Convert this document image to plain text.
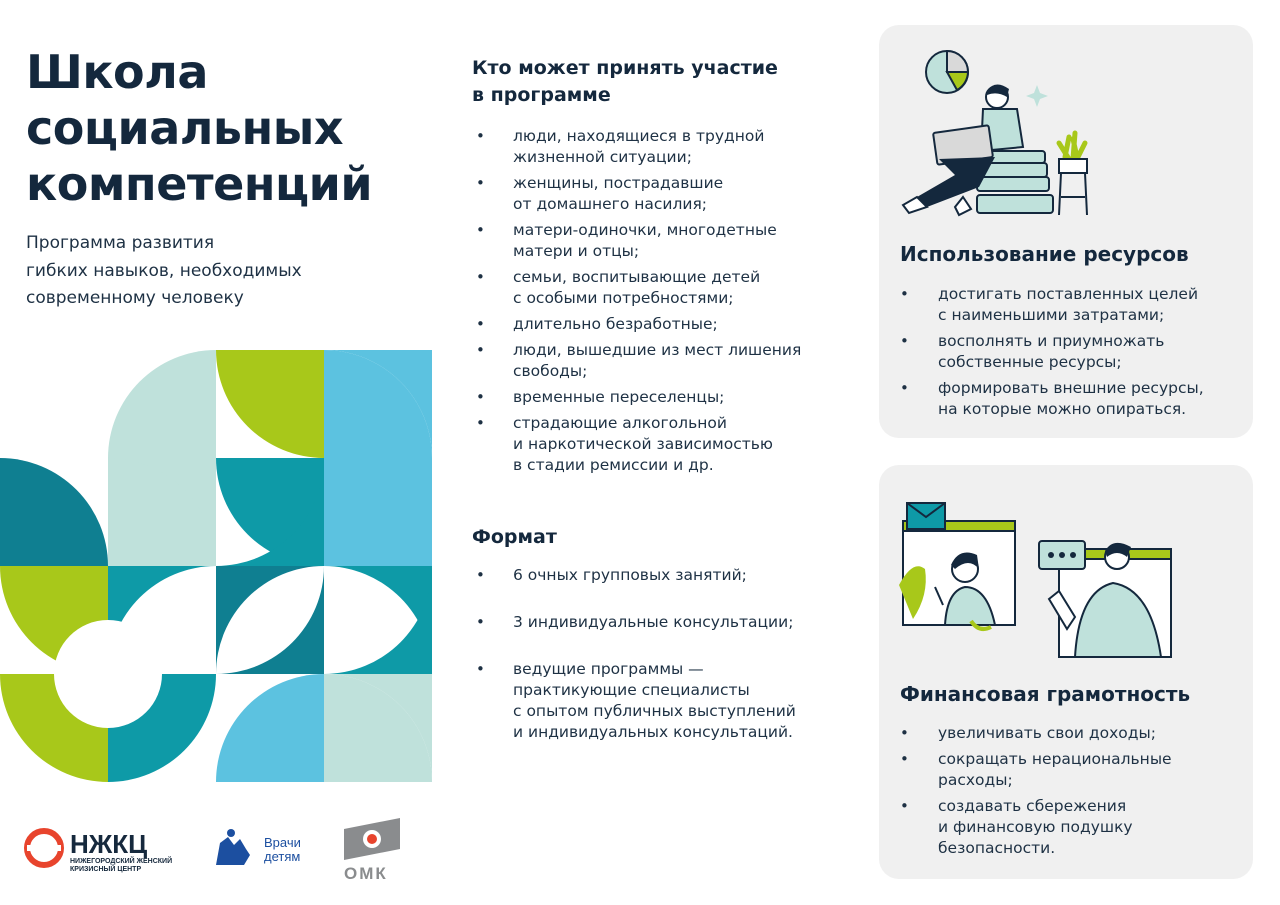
Школа
социальных
компетенций
Программа развития
гибких навыков, необходимых
современному человеку
НЖКЦ
НИЖЕГОРОДСКИЙ ЖЕНСКИЙ
КРИЗИСНЫЙ ЦЕНТР
Врачи
детям
ОМК
Кто может принять участие
в программе
• люди, находящиеся в трудной
жизненной ситуации;
• женщины, пострадавшие
от домашнего насилия;
• матери-одиночки, многодетные
матери и отцы;
• семьи, воспитывающие детей
с особыми потребностями;
• длительно безработные;
• люди, вышедшие из мест лишения
свободы;
• временные переселенцы;
• страдающие алкогольной
и наркотической зависимостью
в стадии ремиссии и др.
Формат
• 6 очных групповых занятий;
• 3 индивидуальные консультации;
• ведущие программы —
практикующие специалисты
с опытом публичных выступлений
и индивидуальных консультаций.
Использование ресурсов
• достигать поставленных целей
с наименьшими затратами;
• восполнять и приумножать
собственные ресурсы;
• формировать внешние ресурсы,
на которые можно опираться.
Финансовая грамотность
• увеличивать свои доходы;
• сокращать нерациональные
расходы;
• создавать сбережения
и финансовую подушку
безопасности.
